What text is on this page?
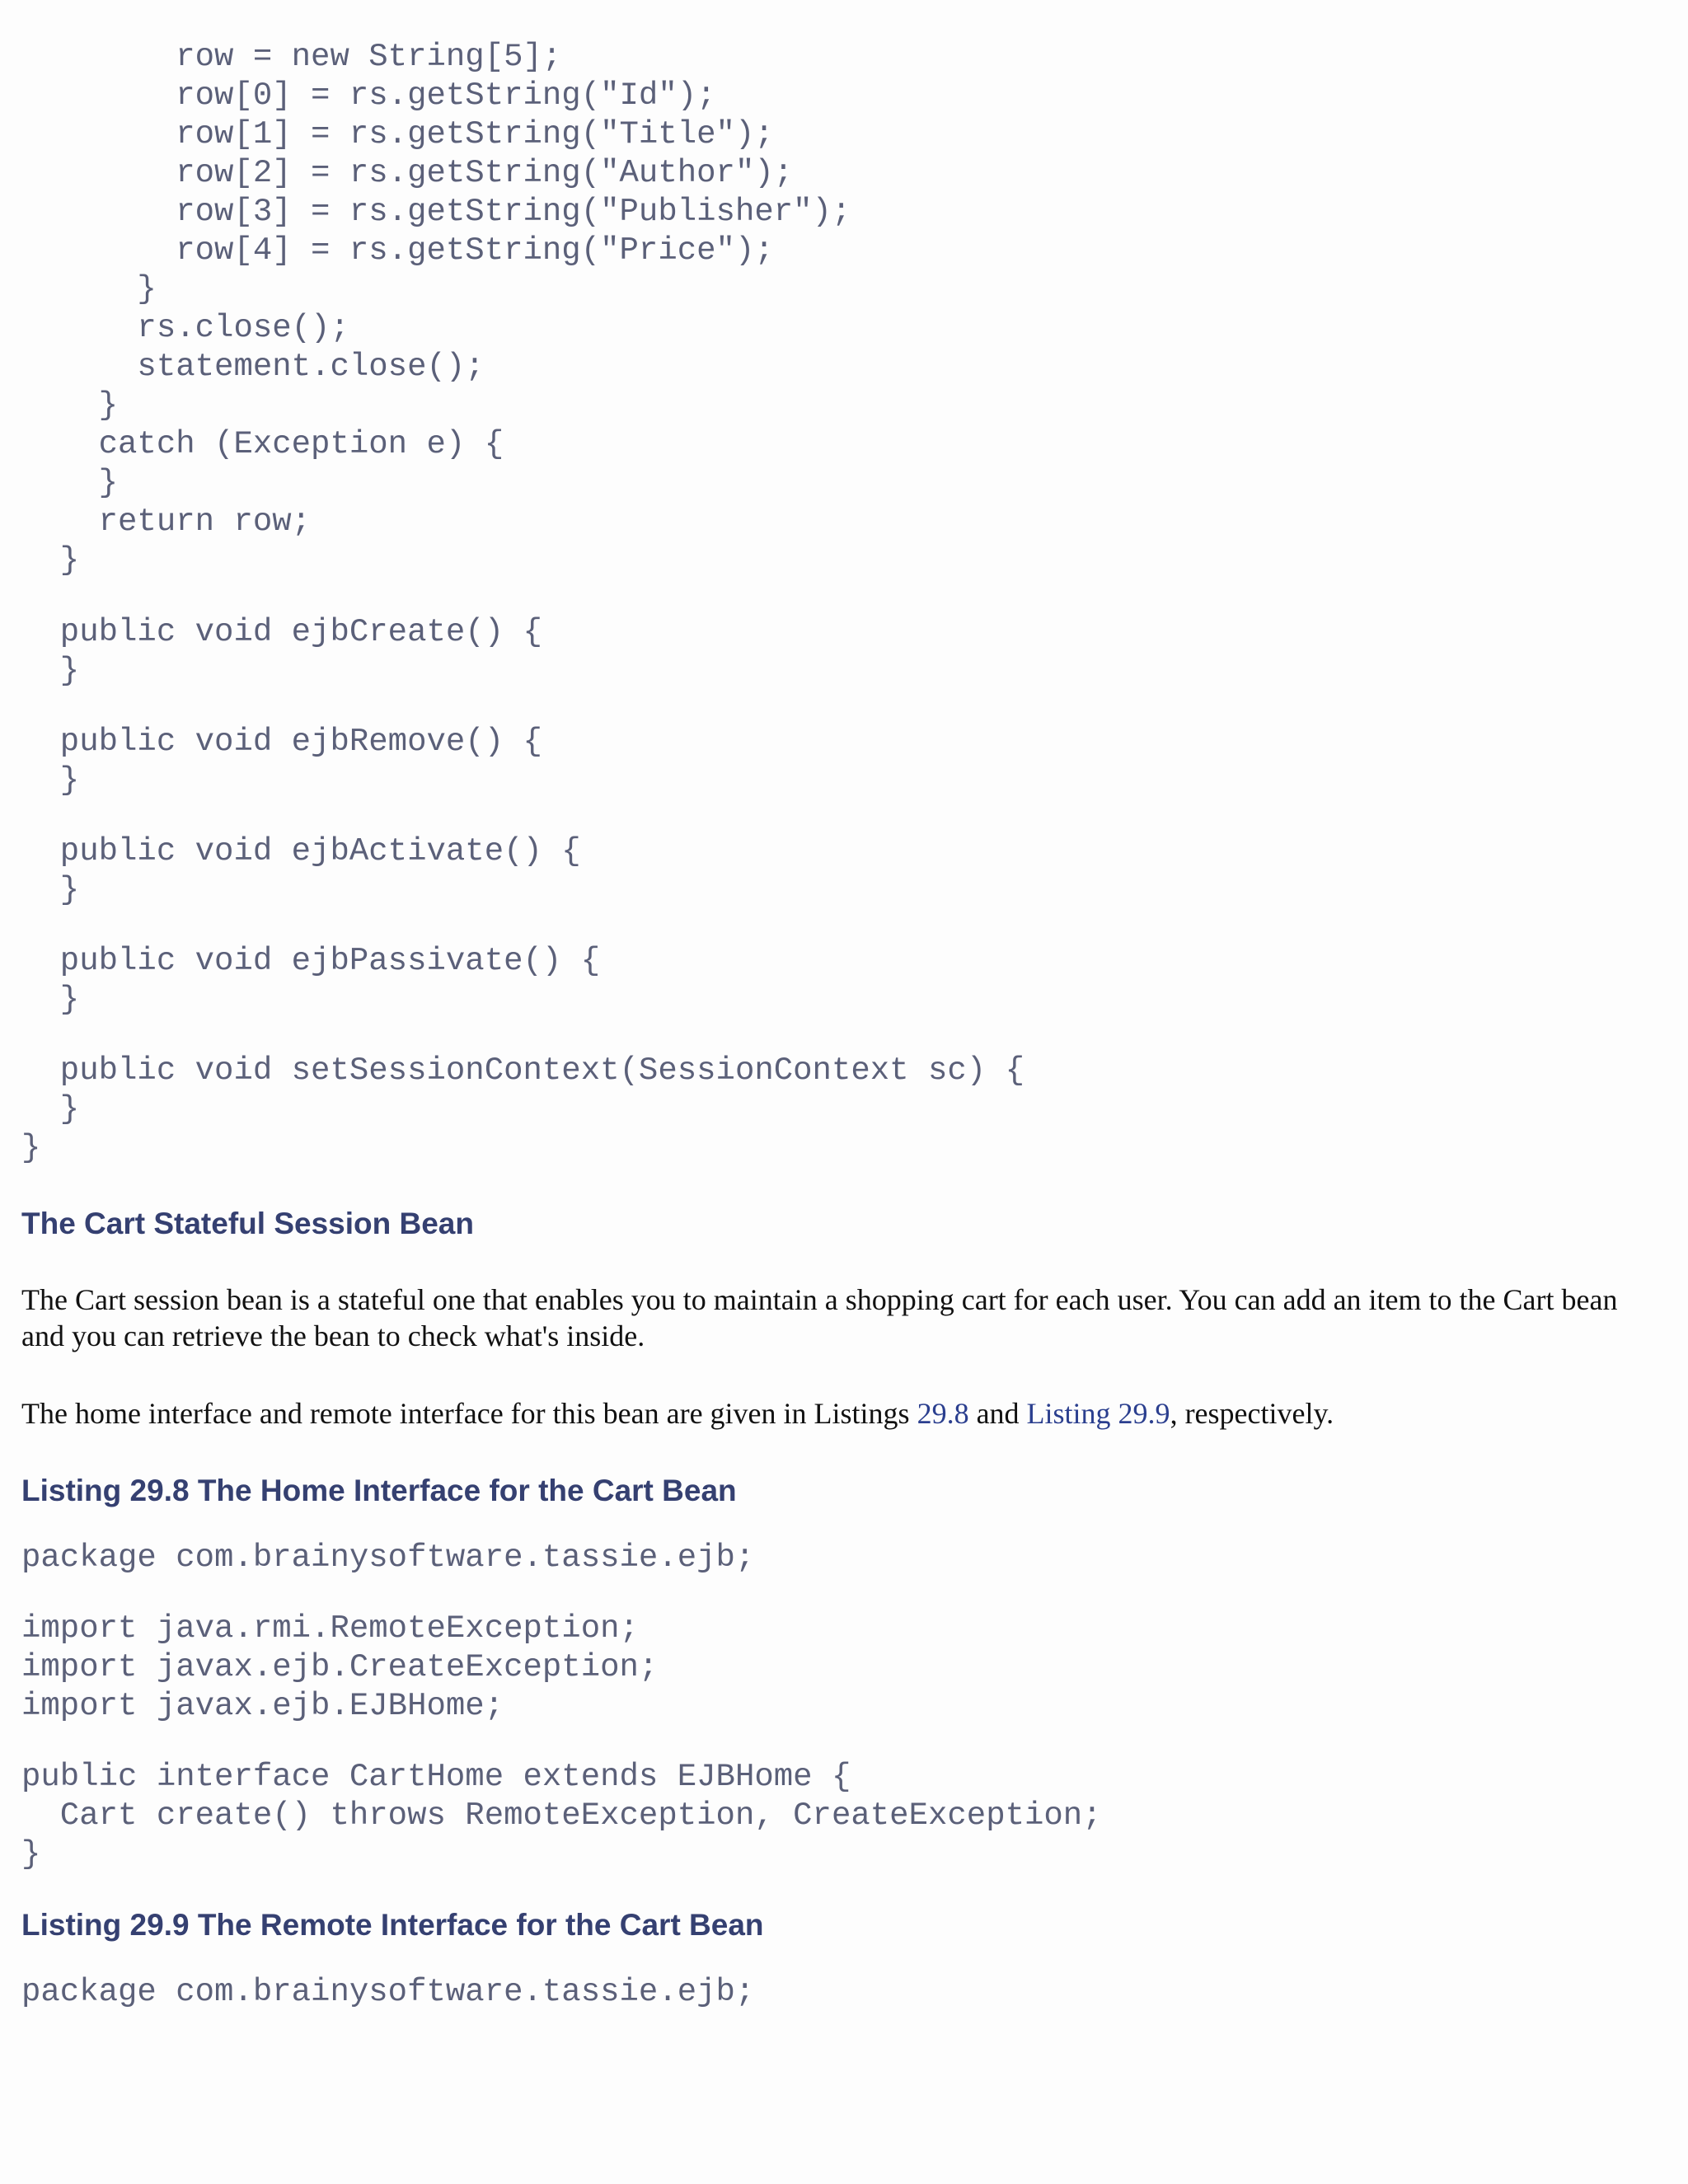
row = new String[5];
row[0] = rs.getString("Id");
row[1] = rs.getString("Title");
row[2] = rs.getString("Author");
row[3] = rs.getString("Publisher");
row[4] = rs.getString("Price");
}
rs.close();
statement.close();
}
catch (Exception e) {
}
return row;
}
public void ejbCreate() {
}
public void ejbRemove() {
}
public void ejbActivate() {
}
public void ejbPassivate() {
}
public void setSessionContext(SessionContext sc) {
}
}
The Cart Stateful Session Bean

The Cart session bean is a stateful one that enables you to maintain a shopping cart for each user. You can add an item to the Cart bean and you can retrieve the bean to check what's inside.

The home interface and remote interface for this bean are given in Listings 29.8 and Listing 29.9, respectively.

Listing 29.8 The Home Interface for the Cart Bean
package com.brainysoftware.tassie.ejb;
import java.rmi.RemoteException;
import javax.ejb.CreateException;
import javax.ejb.EJBHome;
public interface CartHome extends EJBHome {
Cart create() throws RemoteException, CreateException;
}
Listing 29.9 The Remote Interface for the Cart Bean
package com.brainysoftware.tassie.ejb;
